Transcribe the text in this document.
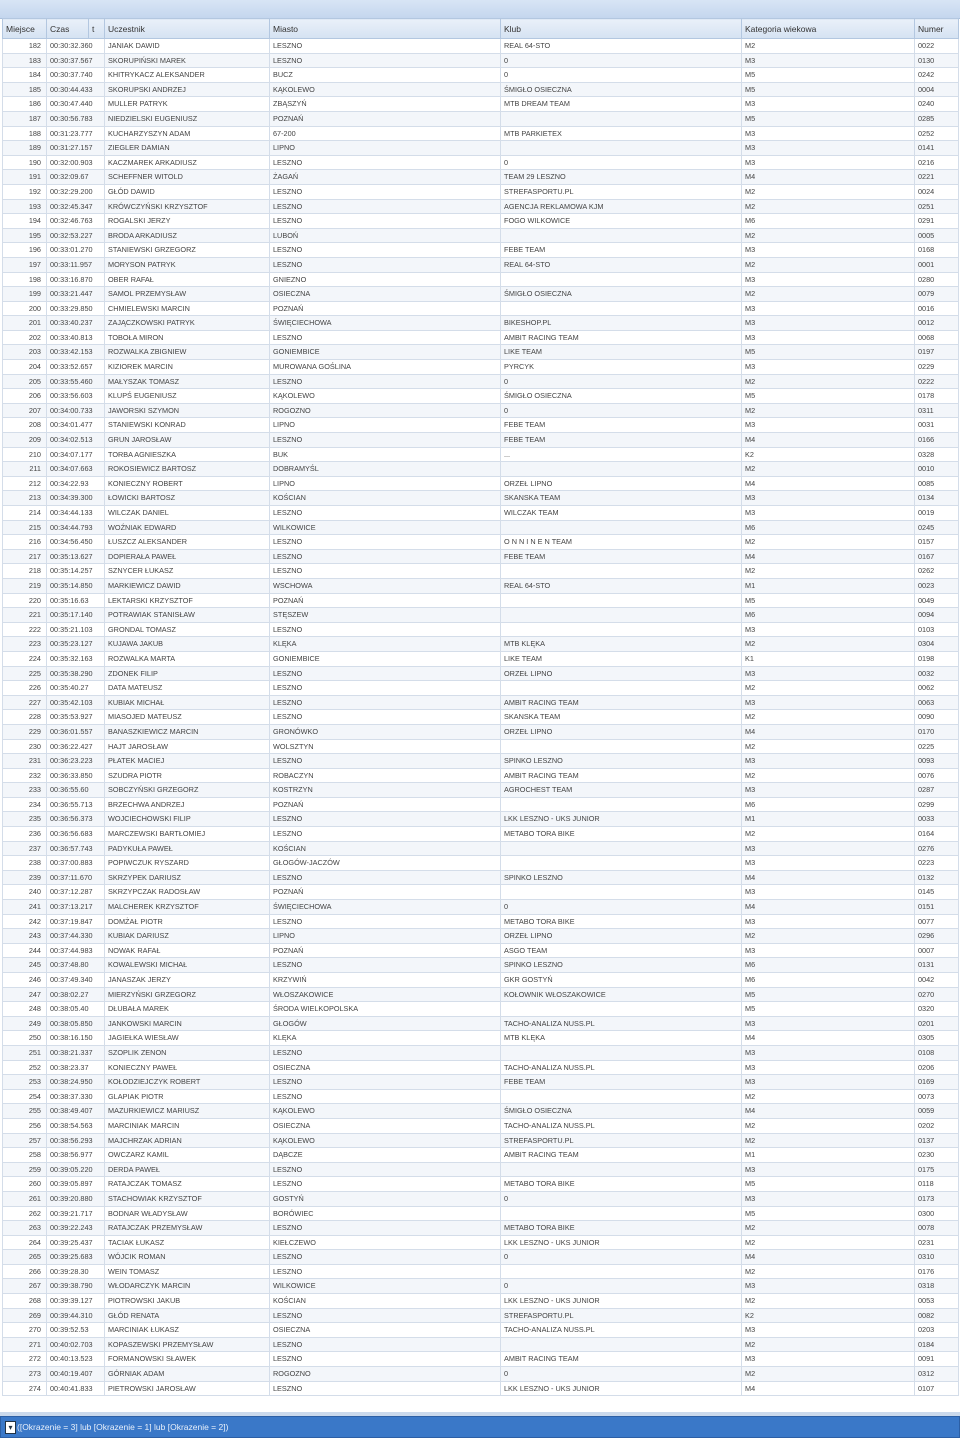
Miejsce	Czas	t	Uczestnik	Miasto	Klub	Kategoria wiekowa	Numer
182	00:30:32.360		JANIAK DAWID	LESZNO	REAL 64-STO	M2	0022
183	00:30:37.567		SKORUPIŃSKI MAREK	LESZNO	0	M3	0130
184	00:30:37.740		KHITRYKACZ ALEKSANDER	BUCZ	0	M5	0242
185	00:30:44.433		SKORUPSKI ANDRZEJ	KĄKOLEWO	ŚMIGŁO OSIECZNA	M5	0004
186	00:30:47.440		MULLER PATRYK	ZBĄSZYŃ	MTB DREAM TEAM	M3	0240
187	00:30:56.783		NIEDZIELSKI EUGENIUSZ	POZNAŃ		M5	0285
188	00:31:23.777		KUCHARZYSZYN ADAM	67-200	MTB PARKIETEX	M3	0252
189	00:31:27.157		ZIEGLER DAMIAN	LIPNO		M3	0141
190	00:32:00.903		KACZMAREK ARKADIUSZ	LESZNO	0	M3	0216
191	00:32:09.67		SCHEFFNER WITOLD	ŻAGAŃ	TEAM 29 LESZNO	M4	0221
192	00:32:29.200		GŁÓD DAWID	LESZNO	STREFASPORTU.PL	M2	0024
193	00:32:45.347		KRÓWCZYŃSKI KRZYSZTOF	LESZNO	AGENCJA REKLAMOWA KJM	M2	0251
194	00:32:46.763		ROGALSKI JERZY	LESZNO	FOGO WILKOWICE	M6	0291
195	00:32:53.227		BRODA ARKADIUSZ	LUBOŃ		M2	0005
196	00:33:01.270		STANIEWSKI GRZEGORZ	LESZNO	FEBE TEAM	M3	0168
197	00:33:11.957		MORYSON PATRYK	LESZNO	REAL 64-STO	M2	0001
198	00:33:16.870		OBER RAFAŁ	GNIEZNO		M3	0280
199	00:33:21.447		SAMOL PRZEMYSŁAW	OSIECZNA	ŚMIGŁO OSIECZNA	M2	0079
200	00:33:29.850		CHMIELEWSKI MARCIN	POZNAŃ		M3	0016
201	00:33:40.237		ZAJĄCZKOWSKI PATRYK	ŚWIĘCIECHOWA	BIKESHOP.PL	M3	0012
202	00:33:40.813		TOBOŁA MIRON	LESZNO	AMBIT RACING TEAM	M3	0068
203	00:33:42.153		ROZWALKA ZBIGNIEW	GONIEMBICE	LIKE TEAM	M5	0197
204	00:33:52.657		KIZIOREK MARCIN	MUROWANA GOŚLINA	PYRCYK	M3	0229
205	00:33:55.460		MAŁYSZAK TOMASZ	LESZNO	0	M2	0222
206	00:33:56.603		KLUPŚ EUGENIUSZ	KĄKOLEWO	ŚMIGŁO OSIECZNA	M5	0178
207	00:34:00.733		JAWORSKI SZYMON	ROGOZNO	0	M2	0311
208	00:34:01.477		STANIEWSKI KONRAD	LIPNO	FEBE TEAM	M3	0031
209	00:34:02.513		GRUN JAROSŁAW	LESZNO	FEBE TEAM	M4	0166
210	00:34:07.177		TORBA AGNIESZKA	BUK	...	K2	0328
211	00:34:07.663		ROKOSIEWICZ BARTOSZ	DOBRAMYŚL		M2	0010
212	00:34:22.93		KONIECZNY ROBERT	LIPNO	ORZEŁ LIPNO	M4	0085
213	00:34:39.300		ŁOWICKI BARTOSZ	KOŚCIAN	SKANSKA TEAM	M3	0134
214	00:34:44.133		WILCZAK DANIEL	LESZNO	WILCZAK TEAM	M3	0019
215	00:34:44.793		WOŹNIAK EDWARD	WILKOWICE		M6	0245
216	00:34:56.450		ŁUSZCZ ALEKSANDER	LESZNO	O N N I N E N TEAM	M2	0157
217	00:35:13.627		DOPIERAŁA PAWEŁ	LESZNO	FEBE TEAM	M4	0167
218	00:35:14.257		SZNYCER ŁUKASZ	LESZNO		M2	0262
219	00:35:14.850		MARKIEWICZ DAWID	WSCHOWA	REAL 64-STO	M1	0023
220	00:35:16.63		LEKTARSKI KRZYSZTOF	POZNAŃ		M5	0049
221	00:35:17.140		POTRAWIAK STANISŁAW	STĘSZEW		M6	0094
222	00:35:21.103		GRONDAL TOMASZ	LESZNO		M3	0103
223	00:35:23.127		KUJAWA JAKUB	KLĘKA	MTB KLĘKA	M2	0304
224	00:35:32.163		ROZWALKA MARTA	GONIEMBICE	LIKE TEAM	K1	0198
225	00:35:38.290		ZDONEK FILIP	LESZNO	ORZEŁ LIPNO	M3	0032
226	00:35:40.27		DATA MATEUSZ	LESZNO		M2	0062
227	00:35:42.103		KUBIAK MICHAŁ	LESZNO	AMBIT RACING TEAM	M3	0063
228	00:35:53.927		MIASOJED MATEUSZ	LESZNO	SKANSKA TEAM	M2	0090
229	00:36:01.557		BANASZKIEWICZ MARCIN	GRONÓWKO	ORZEŁ LIPNO	M4	0170
230	00:36:22.427		HAJT JAROSŁAW	WOLSZTYN		M2	0225
231	00:36:23.223		PŁATEK MACIEJ	LESZNO	SPINKO LESZNO	M3	0093
232	00:36:33.850		SZUDRA PIOTR	ROBACZYN	AMBIT RACING TEAM	M2	0076
233	00:36:55.60		SOBCZYŃSKI GRZEGORZ	KOSTRZYN	AGROCHEST TEAM	M3	0287
234	00:36:55.713		BRZECHWA ANDRZEJ	POZNAŃ		M6	0299
235	00:36:56.373		WOJCIECHOWSKI FILIP	LESZNO	LKK LESZNO - UKS JUNIOR	M1	0033
236	00:36:56.683		MARCZEWSKI BARTŁOMIEJ	LESZNO	METABO TORA BIKE	M2	0164
237	00:36:57.743		PADYKUŁA PAWEŁ	KOŚCIAN		M3	0276
238	00:37:00.883		POPIWCZUK RYSZARD	GŁOGÓW-JACZÓW		M3	0223
239	00:37:11.670		SKRZYPEK DARIUSZ	LESZNO	SPINKO LESZNO	M4	0132
240	00:37:12.287		SKRZYPCZAK RADOSŁAW	POZNAŃ		M3	0145
241	00:37:13.217		MALCHEREK KRZYSZTOF	ŚWIĘCIECHOWA	0	M4	0151
242	00:37:19.847		DOMŻAŁ PIOTR	LESZNO	METABO TORA BIKE	M3	0077
243	00:37:44.330		KUBIAK DARIUSZ	LIPNO	ORZEŁ LIPNO	M2	0296
244	00:37:44.983		NOWAK RAFAŁ	POZNAŃ	ASGO TEAM	M3	0007
245	00:37:48.80		KOWALEWSKI MICHAŁ	LESZNO	SPINKO LESZNO	M6	0131
246	00:37:49.340		JANASZAK JERZY	KRZYWIŃ	GKR GOSTYŃ	M6	0042
247	00:38:02.27		MIERZYŃSKI GRZEGORZ	WŁOSZAKOWICE	KOŁOWNIK WŁOSZAKOWICE	M5	0270
248	00:38:05.40		DŁUBAŁA MAREK	ŚRODA WIELKOPOLSKA		M5	0320
249	00:38:05.850		JANKOWSKI MARCIN	GŁOGÓW	TACHO-ANALIZA NUSS.PL	M3	0201
250	00:38:16.150		JAGIEŁKA WIESŁAW	KLĘKA	MTB KLĘKA	M4	0305
251	00:38:21.337		SZOPLIK ZENON	LESZNO		M3	0108
252	00:38:23.37		KONIECZNY PAWEŁ	OSIECZNA	TACHO-ANALIZA NUSS.PL	M3	0206
253	00:38:24.950		KOŁODZIEJCZYK ROBERT	LESZNO	FEBE TEAM	M3	0169
254	00:38:37.330		GLAPIAK PIOTR	LESZNO		M2	0073
255	00:38:49.407		MAZURKIEWICZ MARIUSZ	KĄKOLEWO	ŚMIGŁO OSIECZNA	M4	0059
256	00:38:54.563		MARCINIAK MARCIN	OSIECZNA	TACHO-ANALIZA NUSS.PL	M2	0202
257	00:38:56.293		MAJCHRZAK ADRIAN	KĄKOLEWO	STREFASPORTU.PL	M2	0137
258	00:38:56.977		OWCZARZ KAMIL	DĄBCZE	AMBIT RACING TEAM	M1	0230
259	00:39:05.220		DERDA PAWEŁ	LESZNO		M3	0175
260	00:39:05.897		RATAJCZAK TOMASZ	LESZNO	METABO TORA BIKE	M5	0118
261	00:39:20.880		STACHOWIAK KRZYSZTOF	GOSTYŃ	0	M3	0173
262	00:39:21.717		BODNAR WŁADYSŁAW	BORÓWIEC		M5	0300
263	00:39:22.243		RATAJCZAK PRZEMYSŁAW	LESZNO	METABO TORA BIKE	M2	0078
264	00:39:25.437		TACIAK ŁUKASZ	KIEŁCZEWO	LKK LESZNO - UKS JUNIOR	M2	0231
265	00:39:25.683		WÓJCIK ROMAN	LESZNO	0	M4	0310
266	00:39:28.30		WEIN TOMASZ	LESZNO		M2	0176
267	00:39:38.790		WŁODARCZYK MARCIN	WILKOWICE	0	M3	0318
268	00:39:39.127		PIOTROWSKI JAKUB	KOŚCIAN	LKK LESZNO - UKS JUNIOR	M2	0053
269	00:39:44.310		GŁÓD RENATA	LESZNO	STREFASPORTU.PL	K2	0082
270	00:39:52.53		MARCINIAK ŁUKASZ	OSIECZNA	TACHO-ANALIZA NUSS.PL	M3	0203
271	00:40:02.703		KOPASZEWSKI PRZEMYSŁAW	LESZNO		M2	0184
272	00:40:13.523		FORMANOWSKI SŁAWEK	LESZNO	AMBIT RACING TEAM	M3	0091
273	00:40:19.407		GÓRNIAK ADAM	ROGOZNO	0	M2	0312
274	00:40:41.833		PIETROWSKI JAROSŁAW	LESZNO	LKK LESZNO - UKS JUNIOR	M4	0107
▾ ([Okrazenie = 3] lub [Okrazenie = 1] lub [Okrazenie = 2])
